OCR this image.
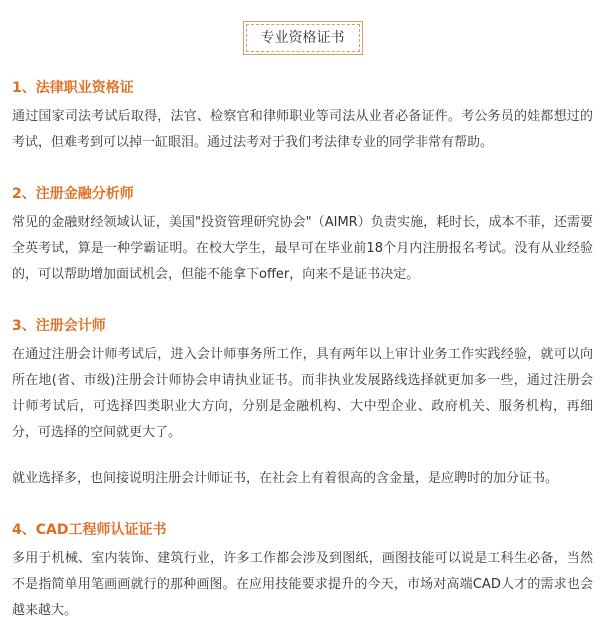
专业资格证书
1、法律职业资格证

通过国家司法考试后取得，法官、检察官和律师职业等司法从业者必备证件。考公务员的娃都想过的考试，但难考到可以掉一缸眼泪。通过法考对于我们考法律专业的同学非常有帮助。

2、注册金融分析师

常见的金融财经领域认证，美国"投资管理研究协会"（AIMR）负责实施，耗时长，成本不菲，还需要全英考试，算是一种学霸证明。在校大学生，最早可在毕业前18个月内注册报名考试。没有从业经验的，可以帮助增加面试机会，但能不能拿下offer，向来不是证书决定。

3、注册会计师

在通过注册会计师考试后，进入会计师事务所工作，具有两年以上审计业务工作实践经验，就可以向所在地(省、市级)注册会计师协会申请执业证书。而非执业发展路线选择就更加多一些，通过注册会计师考试后，可选择四类职业大方向，分别是金融机构、大中型企业、政府机关、服务机构，再细分，可选择的空间就更大了。

就业选择多，也间接说明注册会计师证书，在社会上有着很高的含金量，是应聘时的加分证书。

4、CAD工程师认证证书

多用于机械、室内装饰、建筑行业，许多工作都会涉及到图纸，画图技能可以说是工科生必备，当然不是指简单用笔画画就行的那种画图。在应用技能要求提升的今天，市场对高端CAD人才的需求也会越来越大。
